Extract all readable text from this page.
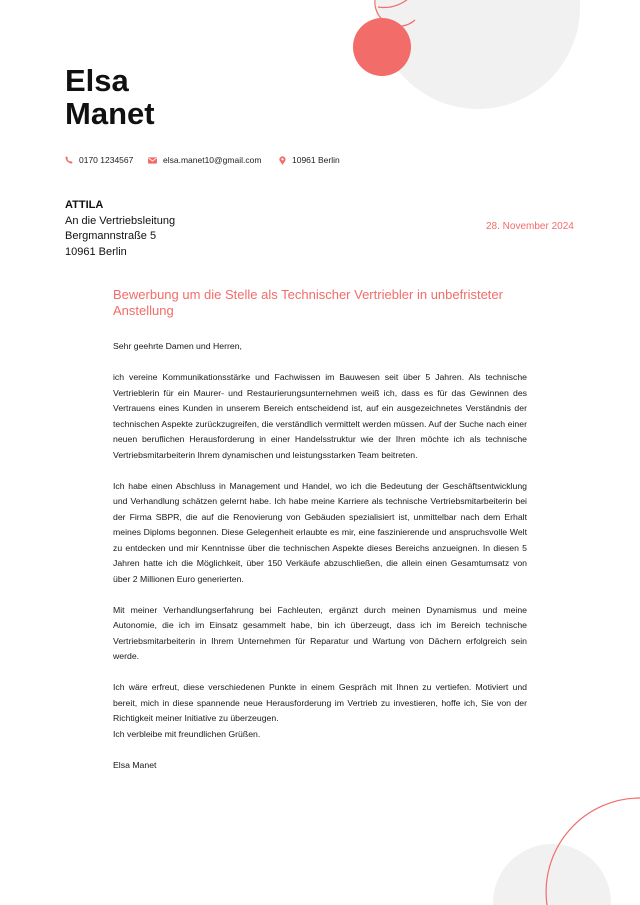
Elsa
Manet
0170 1234567	elsa.manet10@gmail.com	10961 Berlin
ATTILA
An die Vertriebsleitung
Bergmannstraße 5
10961 Berlin
28. November 2024
Bewerbung um die Stelle als Technischer Vertriebler in unbefristeter Anstellung

Sehr geehrte Damen und Herren,

ich vereine Kommunikationsstärke und Fachwissen im Bauwesen seit über 5 Jahren. Als technische Vertrieblerin für ein Maurer- und Restaurierungsunternehmen weiß ich, dass es für das Gewinnen des Vertrauens eines Kunden in unserem Bereich entscheidend ist, auf ein ausgezeichnetes Verständnis der technischen Aspekte zurückzugreifen, die verständlich vermittelt werden müssen. Auf der Suche nach einer neuen beruflichen Herausforderung in einer Handelsstruktur wie der Ihren möchte ich als technische Vertriebsmitarbeiterin Ihrem dynamischen und leistungsstarken Team beitreten.

Ich habe einen Abschluss in Management und Handel, wo ich die Bedeutung der Geschäftsentwicklung und Verhandlung schätzen gelernt habe. Ich habe meine Karriere als technische Vertriebsmitarbeiterin bei der Firma SBPR, die auf die Renovierung von Gebäuden spezialisiert ist, unmittelbar nach dem Erhalt meines Diploms begonnen. Diese Gelegenheit erlaubte es mir, eine faszinierende und anspruchsvolle Welt zu entdecken und mir Kenntnisse über die technischen Aspekte dieses Bereichs anzueignen. In diesen 5 Jahren hatte ich die Möglichkeit, über 150 Verkäufe abzuschließen, die allein einen Gesamtumsatz von über 2 Millionen Euro generierten.

Mit meiner Verhandlungserfahrung bei Fachleuten, ergänzt durch meinen Dynamismus und meine Autonomie, die ich im Einsatz gesammelt habe, bin ich überzeugt, dass ich im Bereich technische Vertriebsmitarbeiterin in Ihrem Unternehmen für Reparatur und Wartung von Dächern erfolgreich sein werde.

Ich wäre erfreut, diese verschiedenen Punkte in einem Gespräch mit Ihnen zu vertiefen. Motiviert und bereit, mich in diese spannende neue Herausforderung im Vertrieb zu investieren, hoffe ich, Sie von der Richtigkeit meiner Initiative zu überzeugen.

Ich verbleibe mit freundlichen Grüßen.

Elsa Manet
